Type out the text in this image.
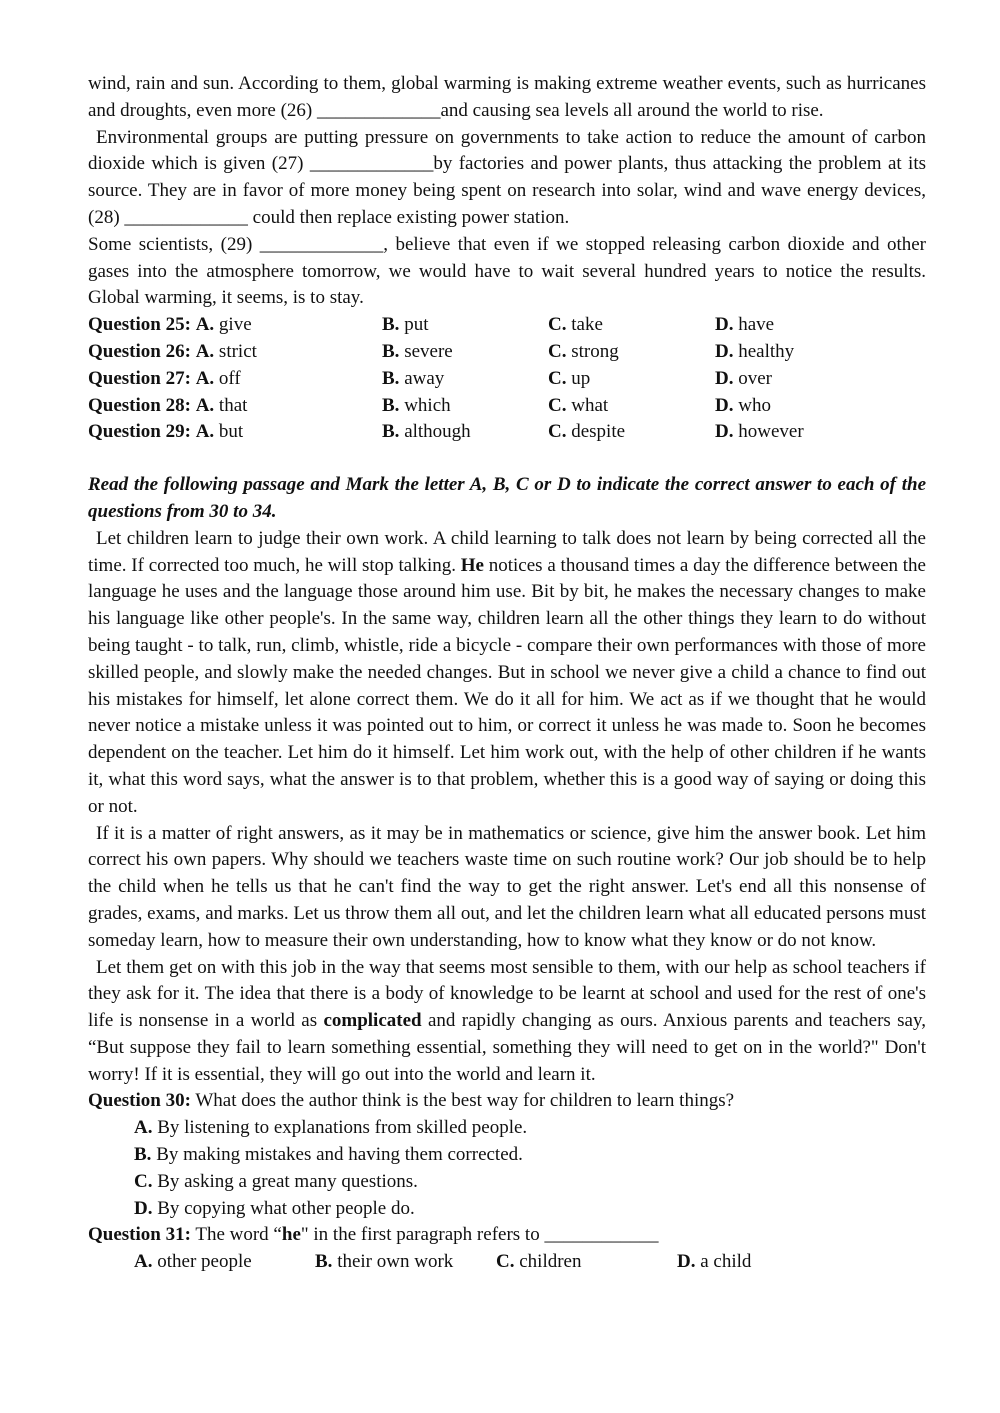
wind, rain and sun. According to them, global warming is making extreme weather events, such as hurricanes and droughts, even more (26) _____________and causing sea levels all around the world to rise.

Environmental groups are putting pressure on governments to take action to reduce the amount of carbon dioxide which is given (27) _____________by factories and power plants, thus attacking the problem at its source. They are in favor of more money being spent on research into solar, wind and wave energy devices, (28) _____________ could then replace existing power station.

Some scientists, (29) _____________, believe that even if we stopped releasing carbon dioxide and other gases into the atmosphere tomorrow, we would have to wait several hundred years to notice the results. Global warming, it seems, is to stay.

Question 25: A. give	B. put	C. take	D. have
Question 26: A. strict	B. severe	C. strong	D. healthy
Question 27: A. off	B. away	C. up	D. over
Question 28: A. that	B. which	C. what	D. who
Question 29: A. but	B. although	C. despite	D. however

Read the following passage and Mark the letter A, B, C or D to indicate the correct answer to each of the questions from 30 to 34.

Let children learn to judge their own work. A child learning to talk does not learn by being corrected all the time. If corrected too much, he will stop talking. He notices a thousand times a day the difference between the language he uses and the language those around him use. Bit by bit, he makes the necessary changes to make his language like other people's. In the same way, children learn all the other things they learn to do without being taught - to talk, run, climb, whistle, ride a bicycle - compare their own performances with those of more skilled people, and slowly make the needed changes. But in school we never give a child a chance to find out his mistakes for himself, let alone correct them. We do it all for him. We act as if we thought that he would never notice a mistake unless it was pointed out to him, or correct it unless he was made to. Soon he becomes dependent on the teacher. Let him do it himself. Let him work out, with the help of other children if he wants it, what this word says, what the answer is to that problem, whether this is a good way of saying or doing this or not.

If it is a matter of right answers, as it may be in mathematics or science, give him the answer book. Let him correct his own papers. Why should we teachers waste time on such routine work? Our job should be to help the child when he tells us that he can't find the way to get the right answer. Let's end all this nonsense of grades, exams, and marks. Let us throw them all out, and let the children learn what all educated persons must someday learn, how to measure their own understanding, how to know what they know or do not know.

Let them get on with this job in the way that seems most sensible to them, with our help as school teachers if they ask for it. The idea that there is a body of knowledge to be learnt at school and used for the rest of one's life is nonsense in a world as complicated and rapidly changing as ours. Anxious parents and teachers say, “But suppose they fail to learn something essential, something they will need to get on in the world?" Don't worry! If it is essential, they will go out into the world and learn it.

Question 30: What does the author think is the best way for children to learn things?

A. By listening to explanations from skilled people.

B. By making mistakes and having them corrected.

C. By asking a great many questions.

D. By copying what other people do.

Question 31: The word “he" in the first paragraph refers to ____________

A. other people	B. their own work	C. children	D. a child
